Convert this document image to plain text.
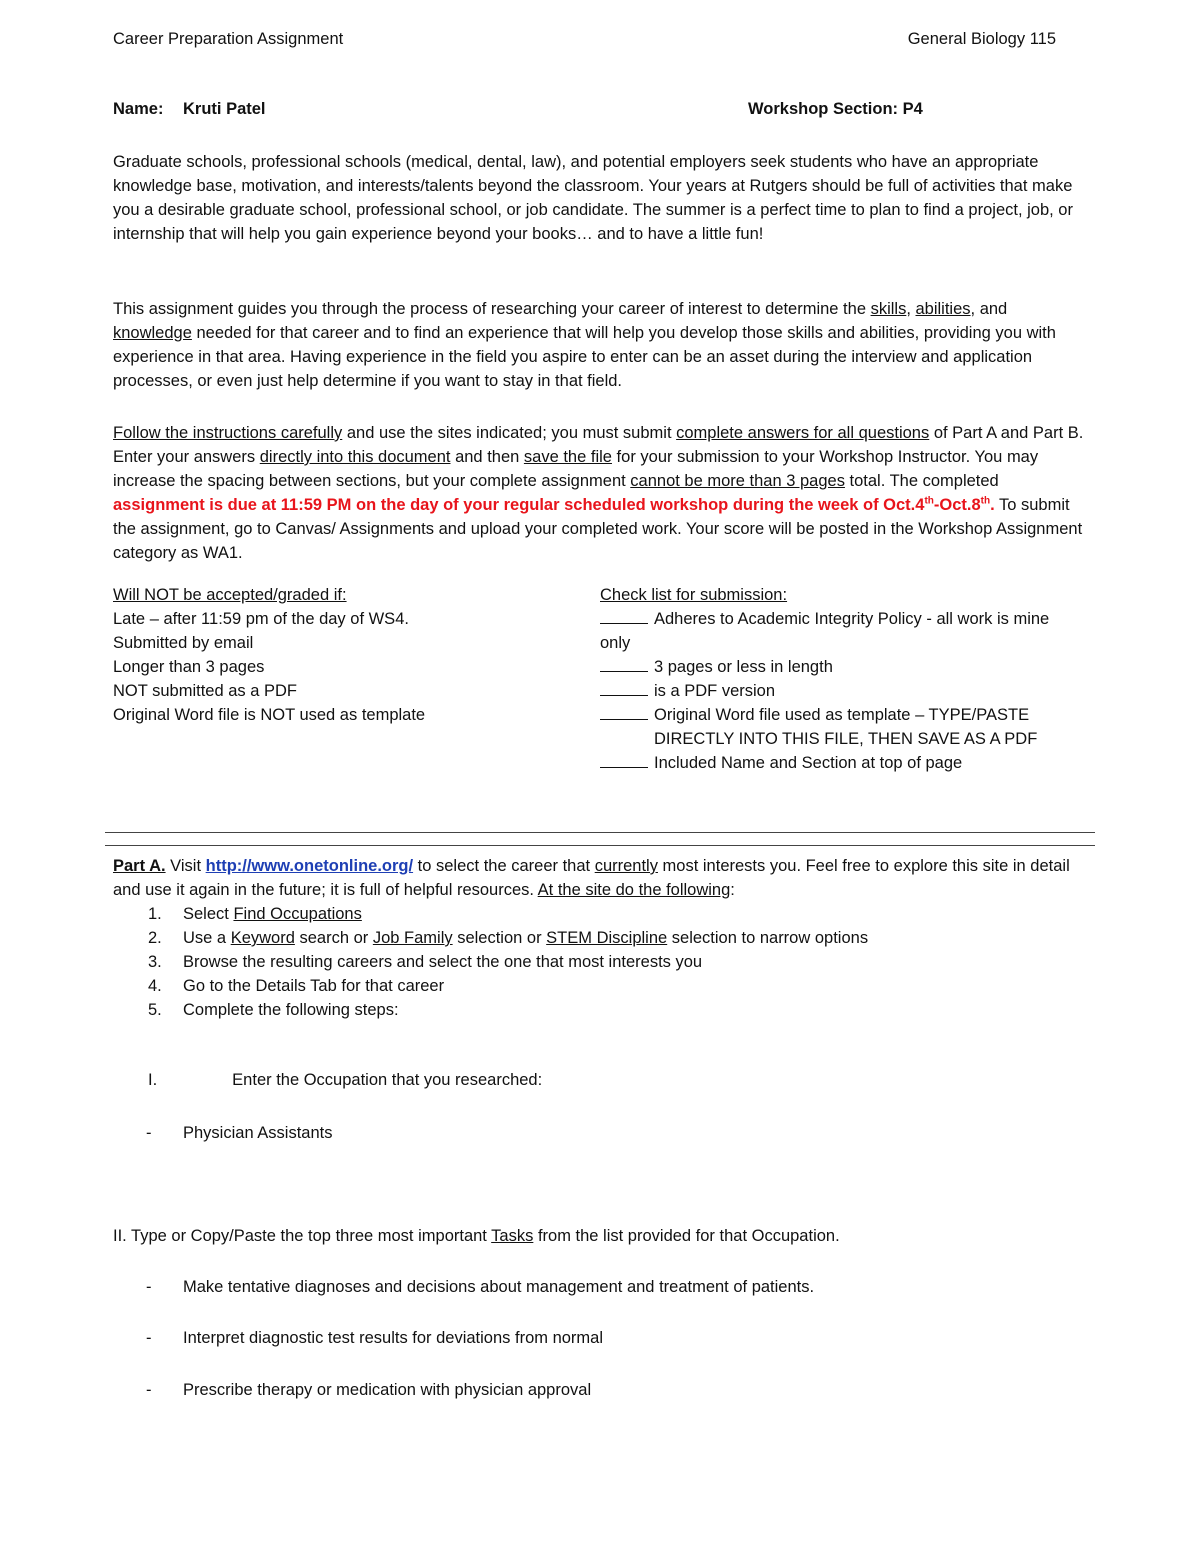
Career Preparation Assignment	General Biology 115
Name: Kruti Patel	Workshop Section: P4
Graduate schools, professional schools (medical, dental, law), and potential employers seek students who have an appropriate knowledge base, motivation, and interests/talents beyond the classroom. Your years at Rutgers should be full of activities that make you a desirable graduate school, professional school, or job candidate. The summer is a perfect time to plan to find a project, job, or internship that will help you gain experience beyond your books… and to have a little fun!
This assignment guides you through the process of researching your career of interest to determine the skills, abilities, and knowledge needed for that career and to find an experience that will help you develop those skills and abilities, providing you with experience in that area. Having experience in the field you aspire to enter can be an asset during the interview and application processes, or even just help determine if you want to stay in that field.
Follow the instructions carefully and use the sites indicated; you must submit complete answers for all questions of Part A and Part B. Enter your answers directly into this document and then save the file for your submission to your Workshop Instructor. You may increase the spacing between sections, but your complete assignment cannot be more than 3 pages total. The completed assignment is due at 11:59 PM on the day of your regular scheduled workshop during the week of Oct.4th-Oct.8th. To submit the assignment, go to Canvas/ Assignments and upload your completed work. Your score will be posted in the Workshop Assignment category as WA1.
Will NOT be accepted/graded if:
Late – after 11:59 pm of the day of WS4.
Submitted by email
Longer than 3 pages
NOT submitted as a PDF
Original Word file is NOT used as template
Check list for submission:
Adheres to Academic Integrity Policy - all work is mine
only
3 pages or less in length
is a PDF version
Original Word file used as template – TYPE/PASTE
DIRECTLY INTO THIS FILE, THEN SAVE AS A PDF
Included Name and Section at top of page
Part A. Visit http://www.onetonline.org/ to select the career that currently most interests you. Feel free to explore this site in detail and use it again in the future; it is full of helpful resources. At the site do the following:
1. Select Find Occupations
2. Use a Keyword search or Job Family selection or STEM Discipline selection to narrow options
3. Browse the resulting careers and select the one that most interests you
4. Go to the Details Tab for that career
5. Complete the following steps:
I.	Enter the Occupation that you researched:
- Physician Assistants
II. Type or Copy/Paste the top three most important Tasks from the list provided for that Occupation.
- Make tentative diagnoses and decisions about management and treatment of patients.
- Interpret diagnostic test results for deviations from normal
- Prescribe therapy or medication with physician approval
